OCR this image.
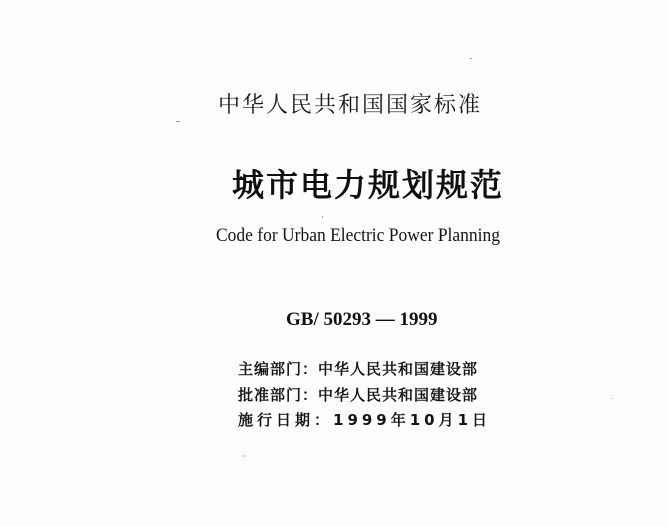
中华人民共和国国家标准
城市电力规划规范
Code for Urban Electric Power Planning
GB/ 50293 — 1999
主编部门：中华人民共和国建设部
批准部门：中华人民共和国建设部
施行日期：1999年10月1日
